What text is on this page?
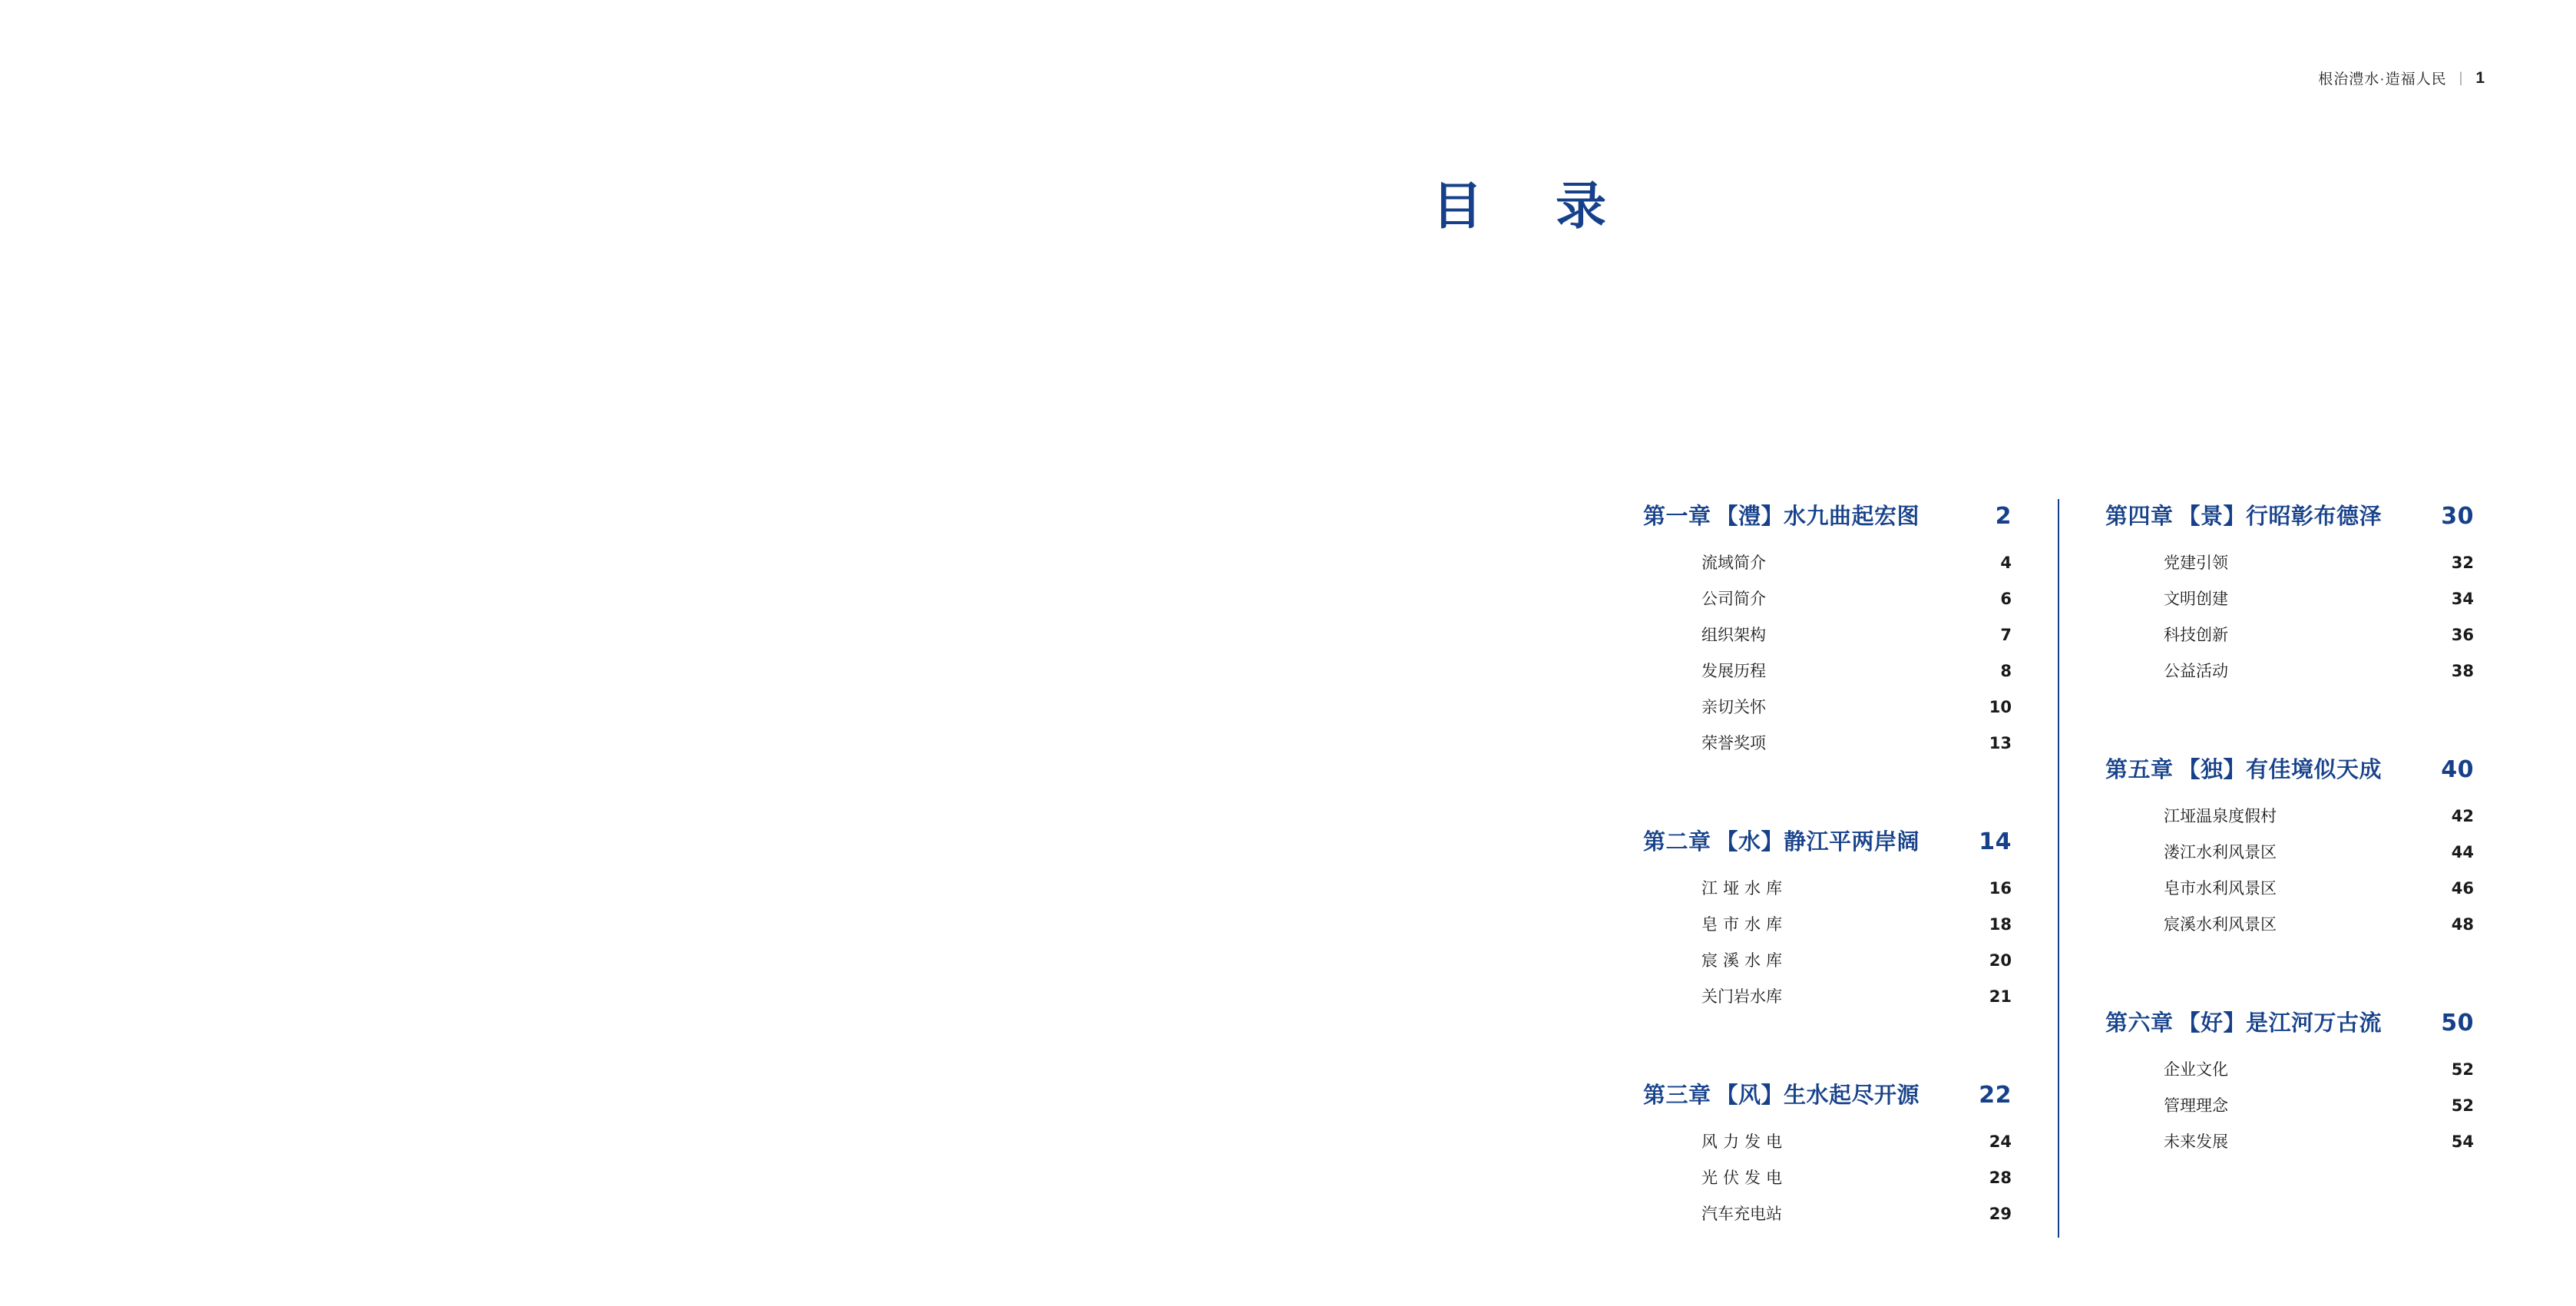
根治澧水·造福人民 | 1
目 录
第一章 【澧】水九曲起宏图	2
流域简介	4
公司简介	6
组织架构	7
发展历程	8
亲切关怀	10
荣誉奖项	13
第二章 【水】静江平两岸阔	14
江垭水库	16
皂市水库	18
宸溪水库	20
关门岩水库	21
第三章 【风】生水起尽开源	22
风力发电	24
光伏发电	28
汽车充电站	29
第四章 【景】行昭彰布德泽	30
党建引领	32
文明创建	34
科技创新	36
公益活动	38
第五章 【独】有佳境似天成	40
江垭温泉度假村	42
溇江水利风景区	44
皂市水利风景区	46
宸溪水利风景区	48
第六章 【好】是江河万古流	50
企业文化	52
管理理念	52
未来发展	54
